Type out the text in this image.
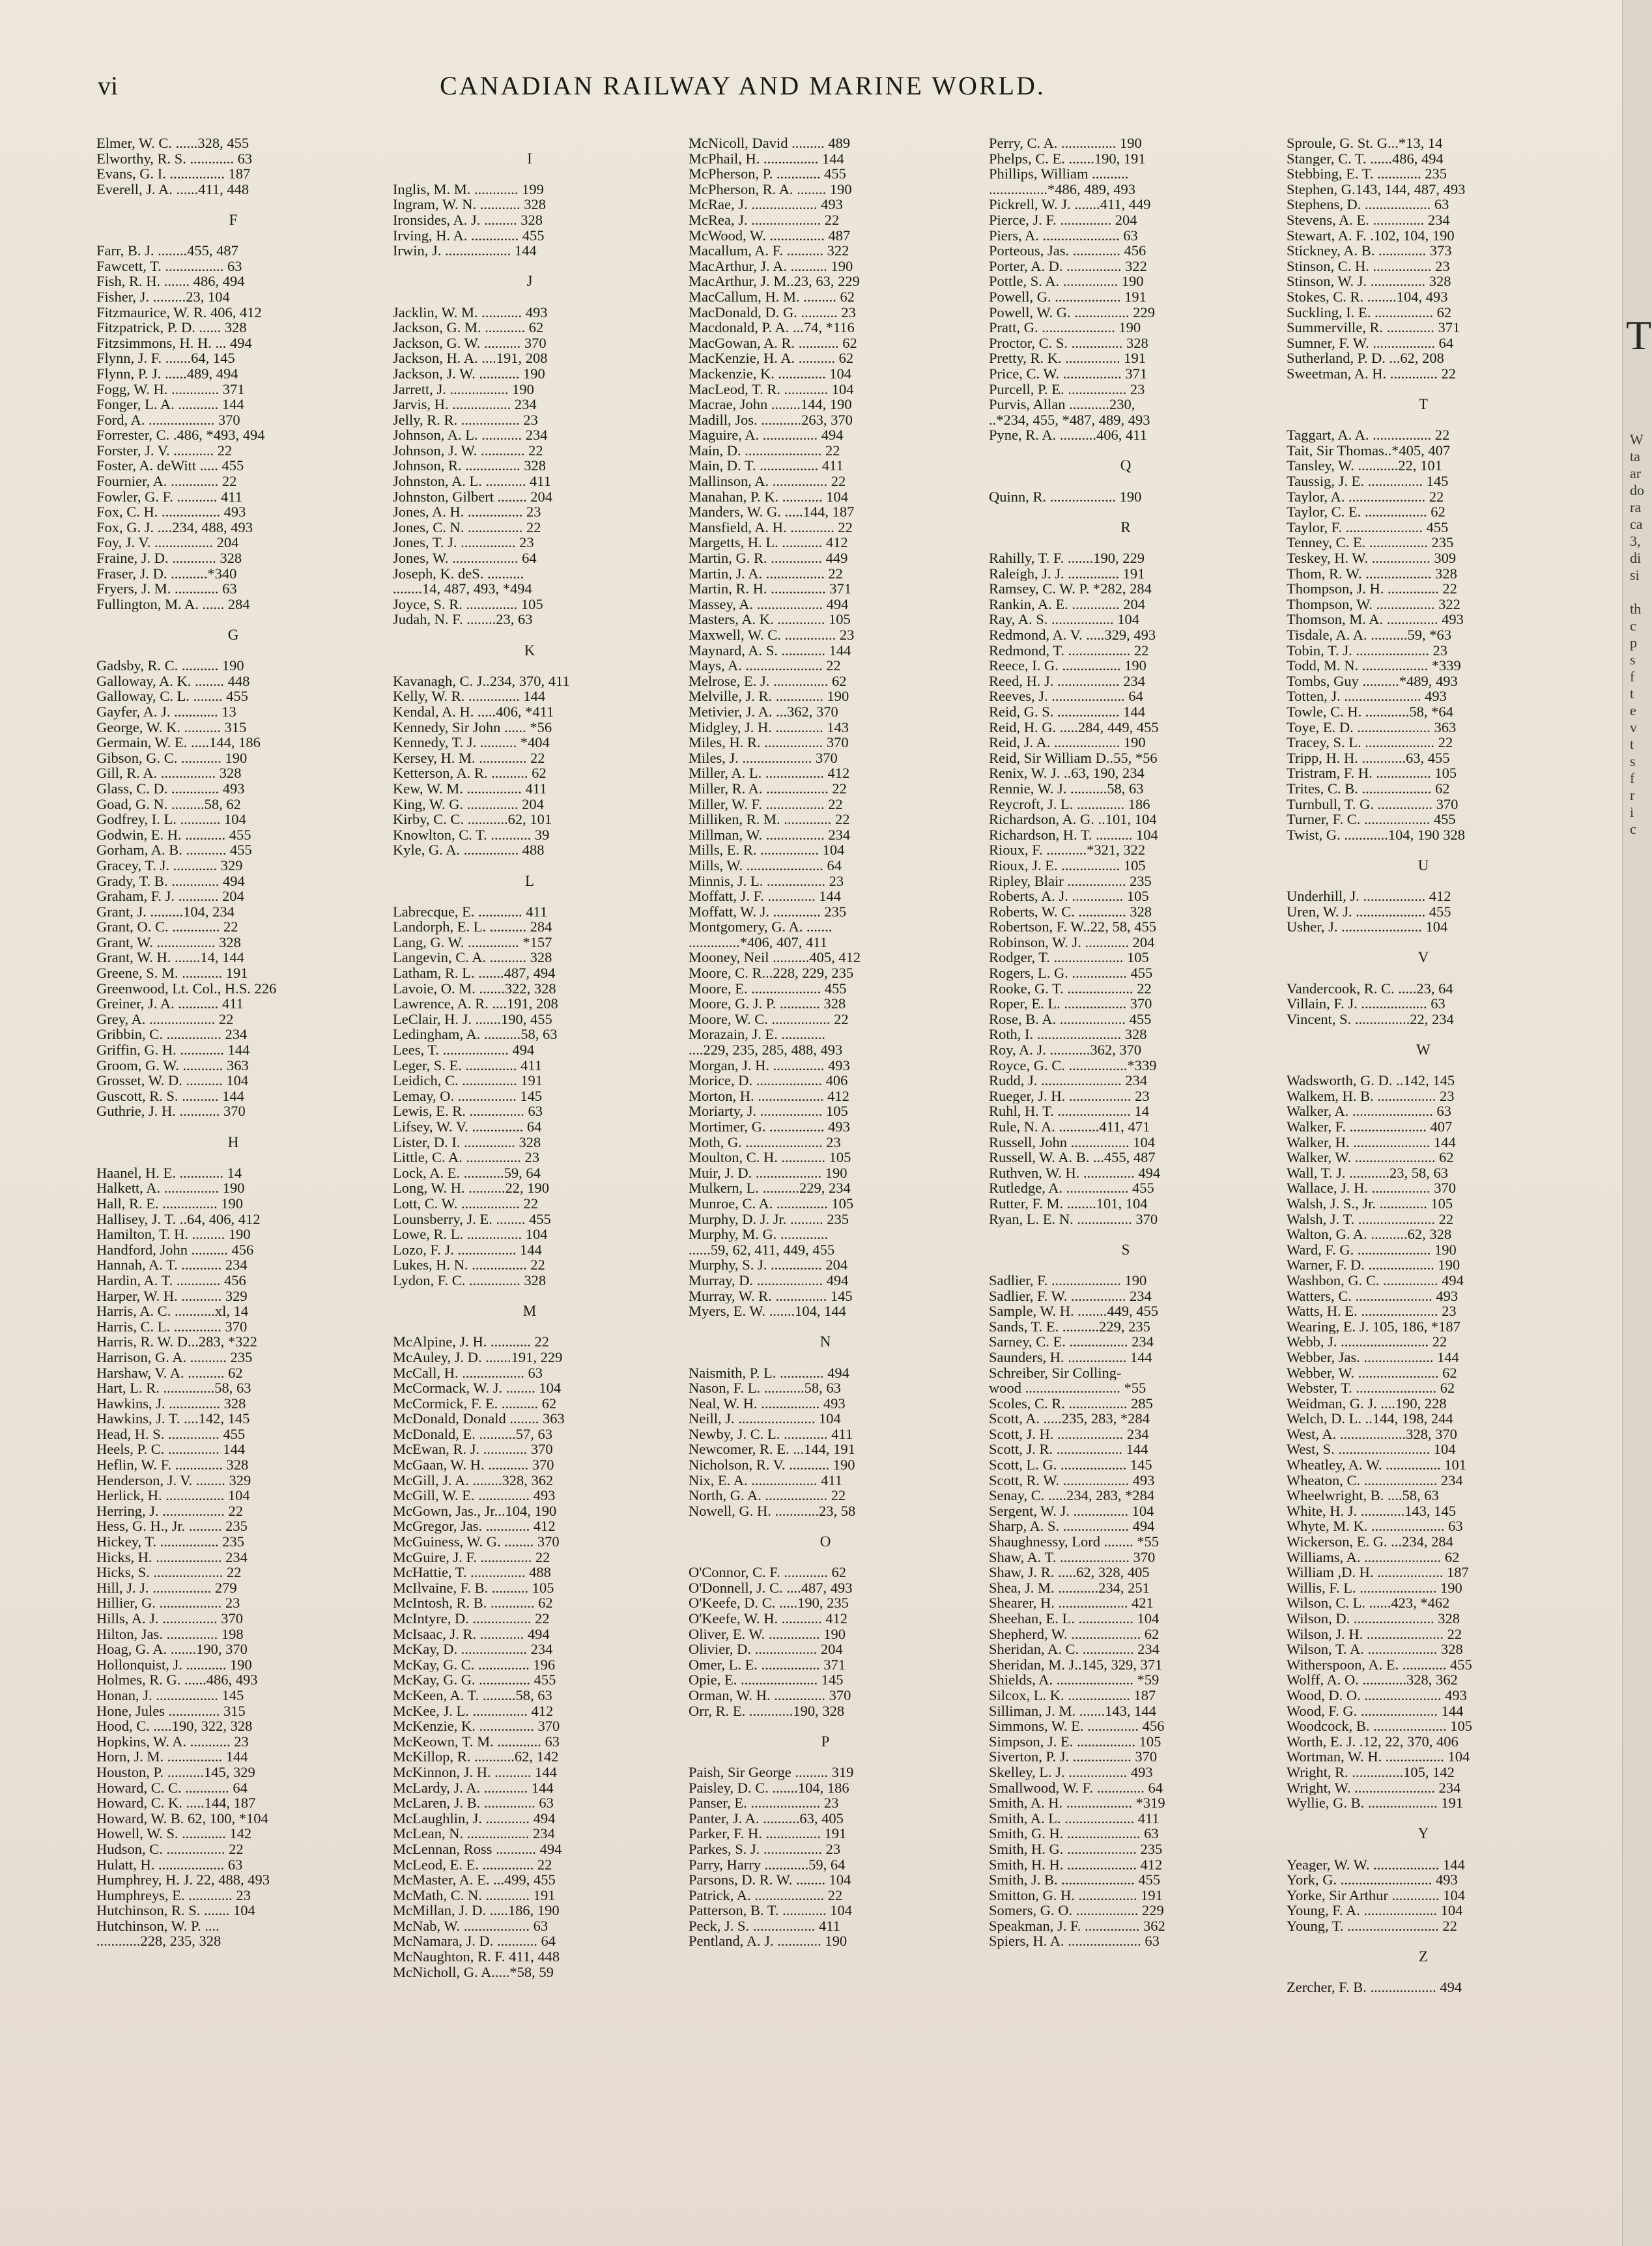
vi	CANADIAN RAILWAY AND MARINE WORLD.
Elmer, W. C. ......328, 455
Elworthy, R. S. ............ 63
Evans, G. I. ............... 187
Everell, J. A. ......411, 448
F
Farr, B. J. ........455, 487
Fawcett, T. ................ 63
Fish, R. H. ....... 486, 494
Fisher, J. .........23, 104
Fitzmaurice, W. R. 406, 412
Fitzpatrick, P. D. ...... 328
Fitzsimmons, H. H. ... 494
Flynn, J. F. .......64, 145
Flynn, P. J. ......489, 494
Fogg, W. H. ............. 371
Fonger, L. A. ........... 144
Ford, A. .................. 370
Forrester, C. .486, *493, 494
Forster, J. V. ........... 22
Foster, A. deWitt ..... 455
Fournier, A. ............. 22
Fowler, G. F. ........... 411
Fox, C. H. ................ 493
Fox, G. J. ....234, 488, 493
Foy, J. V. ................ 204
Fraine, J. D. ............ 328
Fraser, J. D. ..........*340
Fryers, J. M. ............ 63
Fullington, M. A. ...... 284
G
Gadsby, R. C. .......... 190
Galloway, A. K. ........ 448
Galloway, C. L. ........ 455
Gayfer, A. J. ............ 13
George, W. K. .......... 315
Germain, W. E. .....144, 186
Gibson, G. C. ........... 190
Gill, R. A. ............... 328
Glass, C. D. ............. 493
Goad, G. N. .........58, 62
Godfrey, I. L. ........... 104
Godwin, E. H. ........... 455
Gorham, A. B. ........... 455
Gracey, T. J. ............ 329
Grady, T. B. ............. 494
Graham, F. J. ........... 204
Grant, J. .........104, 234
Grant, O. C. ............. 22
Grant, W. ................ 328
Grant, W. H. .......14, 144
Greene, S. M. ........... 191
Greenwood, Lt. Col., H.S. 226
Greiner, J. A. ........... 411
Grey, A. .................. 22
Gribbin, C. ............... 234
Griffin, G. H. ............ 144
Groom, G. W. ........... 363
Grosset, W. D. .......... 104
Guscott, R. S. .......... 144
Guthrie, J. H. ........... 370
H
Haanel, H. E. ............ 14
Halkett, A. ............... 190
Hall, R. E. ............... 190
Hallisey, J. T. ..64, 406, 412
Hamilton, T. H. ......... 190
Handford, John .......... 456
Hannah, A. T. ........... 234
Hardin, A. T. ............ 456
Harper, W. H. ........... 329
Harris, A. C. ...........xl, 14
Harris, C. L. ............. 370
Harris, R. W. D...283, *322
Harrison, G. A. .......... 235
Harshaw, V. A. .......... 62
Hart, L. R. ..............58, 63
Hawkins, J. .............. 328
Hawkins, J. T. ....142, 145
Head, H. S. .............. 455
Heels, P. C. .............. 144
Heflin, W. F. ............. 328
Henderson, J. V. ........ 329
Herlick, H. ................ 104
Herring, J. ................. 22
Hess, G. H., Jr. ......... 235
Hickey, T. ................ 235
Hicks, H. .................. 234
Hicks, S. ................... 22
Hill, J. J. ................ 279
Hillier, G. ................. 23
Hills, A. J. ............... 370
Hilton, Jas. .............. 198
Hoag, G. A. .......190, 370
Hollonquist, J. ........... 190
Holmes, R. G. ......486, 493
Honan, J. ................. 145
Hone, Jules .............. 315
Hood, C. .....190, 322, 328
Hopkins, W. A. ........... 23
Horn, J. M. ............... 144
Houston, P. ..........145, 329
Howard, C. C. ............ 64
Howard, C. K. .....144, 187
Howard, W. B. 62, 100, *104
Howell, W. S. ............ 142
Hudson, C. ................ 22
Hulatt, H. .................. 63
Humphrey, H. J. 22, 488, 493
Humphreys, E. ............ 23
Hutchinson, R. S. ....... 104
Hutchinson, W. P. ....
............228, 235, 328
I
Inglis, M. M. ............ 199
Ingram, W. N. ........... 328
Ironsides, A. J. ......... 328
Irving, H. A. ............. 455
Irwin, J. .................. 144
J
Jacklin, W. M. ........... 493
Jackson, G. M. ........... 62
Jackson, G. W. .......... 370
Jackson, H. A. ....191, 208
Jackson, J. W. ........... 190
Jarrett, J. ................ 190
Jarvis, H. ................ 234
Jelly, R. R. ................ 23
Johnson, A. L. ........... 234
Johnson, J. W. ............ 22
Johnson, R. ............... 328
Johnston, A. L. ........... 411
Johnston, Gilbert ........ 204
Jones, A. H. ............... 23
Jones, C. N. ............... 22
Jones, T. J. ............... 23
Jones, W. .................. 64
Joseph, K. deS. ..........
........14, 487, 493, *494
Joyce, S. R. .............. 105
Judah, N. F. ........23, 63
K
Kavanagh, C. J..234, 370, 411
Kelly, W. R. .............. 144
Kendal, A. H. .....406, *411
Kennedy, Sir John ...... *56
Kennedy, T. J. .......... *404
Kersey, H. M. ............. 22
Ketterson, A. R. .......... 62
Kew, W. M. ............... 411
King, W. G. .............. 204
Kirby, C. C. ...........62, 101
Knowlton, C. T. ........... 39
Kyle, G. A. ............... 488
L
Labrecque, E. ............ 411
Landorph, E. L. .......... 284
Lang, G. W. .............. *157
Langevin, C. A. .......... 328
Latham, R. L. .......487, 494
Lavoie, O. M. .......322, 328
Lawrence, A. R. ....191, 208
LeClair, H. J. .......190, 455
Ledingham, A. ..........58, 63
Lees, T. .................. 494
Leger, S. E. .............. 411
Leidich, C. ............... 191
Lemay, O. ................ 145
Lewis, E. R. ............... 63
Lifsey, W. V. .............. 64
Lister, D. I. .............. 328
Little, C. A. ............... 23
Lock, A. E. ...........59, 64
Long, W. H. ..........22, 190
Lott, C. W. ................ 22
Lounsberry, J. E. ........ 455
Lowe, R. L. ............... 104
Lozo, F. J. ................ 144
Lukes, H. N. ............... 22
Lydon, F. C. .............. 328
M
McAlpine, J. H. ........... 22
McAuley, J. D. .......191, 229
McCall, H. ................. 63
McCormack, W. J. ........ 104
McCormick, F. E. .......... 62
McDonald, Donald ........ 363
McDonald, E. ..........57, 63
McEwan, R. J. ............ 370
McGaan, W. H. ........... 370
McGill, J. A. ........328, 362
McGill, W. E. .............. 493
McGown, Jas., Jr...104, 190
McGregor, Jas. ............ 412
McGuiness, W. G. ........ 370
McGuire, J. F. .............. 22
McHattie, T. ............... 488
McIlvaine, F. B. .......... 105
McIntosh, R. B. ............ 62
McIntyre, D. ................ 22
McIsaac, J. R. ............ 494
McKay, D. .................. 234
McKay, G. C. .............. 196
McKay, G. G. .............. 455
McKeen, A. T. .........58, 63
McKee, J. L. ............... 412
McKenzie, K. ............... 370
McKeown, T. M. ............ 63
McKillop, R. ...........62, 142
McKinnon, J. H. .......... 144
McLardy, J. A. ............ 144
McLaren, J. B. .............. 63
McLaughlin, J. ............ 494
McLean, N. ................. 234
McLennan, Ross ........... 494
McLeod, E. E. .............. 22
McMaster, A. E. ...499, 455
McMath, C. N. ............ 191
McMillan, J. D. .....186, 190
McNab, W. .................. 63
McNamara, J. D. ........... 64
McNaughton, R. F. 411, 448
McNicholl, G. A.....*58, 59
McNicoll, David ......... 489
McPhail, H. ............... 144
McPherson, P. ............ 455
McPherson, R. A. ........ 190
McRae, J. .................. 493
McRea, J. ................... 22
McWood, W. ............... 487
Macallum, A. F. .......... 322
MacArthur, J. A. .......... 190
MacArthur, J. M..23, 63, 229
MacCallum, H. M. ......... 62
MacDonald, D. G. .......... 23
Macdonald, P. A. ...74, *116
MacGowan, A. R. ........... 62
MacKenzie, H. A. .......... 62
Mackenzie, K. ............. 104
MacLeod, T. R. ............ 104
Macrae, John ........144, 190
Madill, Jos. ...........263, 370
Maguire, A. ............... 494
Main, D. ..................... 22
Main, D. T. ................ 411
Mallinson, A. ............... 22
Manahan, P. K. ........... 104
Manders, W. G. .....144, 187
Mansfield, A. H. ............ 22
Margetts, H. L. ........... 412
Martin, G. R. .............. 449
Martin, J. A. ................ 22
Martin, R. H. ............... 371
Massey, A. .................. 494
Masters, A. K. ............. 105
Maxwell, W. C. .............. 23
Maynard, A. S. ............ 144
Mays, A. ..................... 22
Melrose, E. J. ............... 62
Melville, J. R. ............. 190
Metivier, J. A. ...362, 370
Midgley, J. H. ............. 143
Miles, H. R. ................ 370
Miles, J. ................... 370
Miller, A. L. ................ 412
Miller, R. A. ................. 22
Miller, W. F. ................ 22
Milliken, R. M. ............. 22
Millman, W. ................ 234
Mills, E. R. ................ 104
Mills, W. ..................... 64
Minnis, J. L. ................ 23
Moffatt, J. F. ............. 144
Moffatt, W. J. ............. 235
Montgomery, G. A. .......
..............*406, 407, 411
Mooney, Neil ..........405, 412
Moore, C. R...228, 229, 235
Moore, E. ................... 455
Moore, G. J. P. ........... 328
Moore, W. C. ................ 22
Morazain, J. E. ............
....229, 235, 285, 488, 493
Morgan, J. H. .............. 493
Morice, D. .................. 406
Morton, H. .................. 412
Moriarty, J. ................. 105
Mortimer, G. ............... 493
Moth, G. ..................... 23
Moulton, C. H. ............ 105
Muir, J. D. .................. 190
Mulkern, L. ..........229, 234
Munroe, C. A. .............. 105
Murphy, D. J. Jr. ......... 235
Murphy, M. G. .............
......59, 62, 411, 449, 455
Murphy, S. J. .............. 204
Murray, D. .................. 494
Murray, W. R. .............. 145
Myers, E. W. .......104, 144
N
Naismith, P. L. ............ 494
Nason, F. L. ...........58, 63
Neal, W. H. ................ 493
Neill, J. ..................... 104
Newby, J. C. L. ............ 411
Newcomer, R. E. ...144, 191
Nicholson, R. V. ........... 190
Nix, E. A. .................. 411
North, G. A. ................. 22
Nowell, G. H. ............23, 58
O
O'Connor, C. F. ............ 62
O'Donnell, J. C. ....487, 493
O'Keefe, D. C. .....190, 235
O'Keefe, W. H. ........... 412
Oliver, E. W. .............. 190
Olivier, D. ................. 204
Omer, L. E. ................ 371
Opie, E. ..................... 145
Orman, W. H. .............. 370
Orr, R. E. ............190, 328
P
Paish, Sir George ......... 319
Paisley, D. C. .......104, 186
Panser, E. ................... 23
Panter, J. A. ..........63, 405
Parker, F. H. ............... 191
Parkes, S. J. ................ 23
Parry, Harry ............59, 64
Parsons, D. R. W. ........ 104
Patrick, A. ................... 22
Patterson, B. T. ............ 104
Peck, J. S. ................. 411
Pentland, A. J. ............ 190
Perry, C. A. ............... 190
Phelps, C. E. .......190, 191
Phillips, William ..........
................*486, 489, 493
Pickrell, W. J. .......411, 449
Pierce, J. F. .............. 204
Piers, A. ..................... 63
Porteous, Jas. ............. 456
Porter, A. D. ............... 322
Pottle, S. A. ............... 190
Powell, G. .................. 191
Powell, W. G. ............... 229
Pratt, G. .................... 190
Proctor, C. S. .............. 328
Pretty, R. K. ............... 191
Price, C. W. ................ 371
Purcell, P. E. ................ 23
Purvis, Allan ...........230,
..*234, 455, *487, 489, 493
Pyne, R. A. ..........406, 411
Q
Quinn, R. .................. 190
R
Rahilly, T. F. .......190, 229
Raleigh, J. J. .............. 191
Ramsey, C. W. P. *282, 284
Rankin, A. E. ............. 204
Ray, A. S. ................. 104
Redmond, A. V. .....329, 493
Redmond, T. ................. 22
Reece, I. G. ................ 190
Reed, H. J. ................. 234
Reeves, J. .................... 64
Reid, G. S. ................. 144
Reid, H. G. .....284, 449, 455
Reid, J. A. .................. 190
Reid, Sir William D..55, *56
Renix, W. J. ..63, 190, 234
Rennie, W. J. ..........58, 63
Reycroft, J. L. ............. 186
Richardson, A. G. ..101, 104
Richardson, H. T. .......... 104
Rioux, F. ...........*321, 322
Rioux, J. E. ................ 105
Ripley, Blair ................ 235
Roberts, A. J. .............. 105
Roberts, W. C. ............. 328
Robertson, F. W..22, 58, 455
Robinson, W. J. ............ 204
Rodger, T. ................... 105
Rogers, L. G. ............... 455
Rooke, G. T. .................. 22
Roper, E. L. ................. 370
Rose, B. A. .................. 455
Roth, I. ....................... 328
Roy, A. J. ...........362, 370
Royce, G. C. ................*339
Rudd, J. ...................... 234
Rueger, J. H. ................. 23
Ruhl, H. T. .................... 14
Rule, N. A. ...........411, 471
Russell, John ................ 104
Russell, W. A. B. ...455, 487
Ruthven, W. H. .............. 494
Rutledge, A. ................. 455
Rutter, F. M. ........101, 104
Ryan, L. E. N. ............... 370
S
Sadlier, F. ................... 190
Sadlier, F. W. ............... 234
Sample, W. H. ........449, 455
Sands, T. E. ..........229, 235
Sarney, C. E. ................ 234
Saunders, H. ................ 144
Schreiber, Sir Colling-
wood .......................... *55
Scoles, C. R. ................ 285
Scott, A. .....235, 283, *284
Scott, J. H. .................. 234
Scott, J. R. .................. 144
Scott, L. G. .................. 145
Scott, R. W. .................. 493
Senay, C. .....234, 283, *284
Sergent, W. J. ............... 104
Sharp, A. S. .................. 494
Shaughnessy, Lord ........ *55
Shaw, A. T. ................... 370
Shaw, J. R. .....62, 328, 405
Shea, J. M. ...........234, 251
Shearer, H. ................... 421
Sheehan, E. L. ............... 104
Shepherd, W. ................... 62
Sheridan, A. C. .............. 234
Sheridan, M. J..145, 329, 371
Shields, A. ..................... *59
Silcox, L. K. ................. 187
Silliman, J. M. .......143, 144
Simmons, W. E. .............. 456
Simpson, J. E. ................ 105
Siverton, P. J. ................ 370
Skelley, L. J. ................ 493
Smallwood, W. F. ............. 64
Smith, A. H. .................. *319
Smith, A. L. ................... 411
Smith, G. H. .................... 63
Smith, H. G. ................... 235
Smith, H. H. ................... 412
Smith, J. B. .................... 455
Smitton, G. H. ................ 191
Somers, G. O. ................. 229
Speakman, J. F. ............... 362
Spiers, H. A. .................... 63
Sproule, G. St. G...*13, 14
Stanger, C. T. ......486, 494
Stebbing, E. T. ............ 235
Stephen, G.143, 144, 487, 493
Stephens, D. .................. 63
Stevens, A. E. .............. 234
Stewart, A. F. .102, 104, 190
Stickney, A. B. ............. 373
Stinson, C. H. ................ 23
Stinson, W. J. ............... 328
Stokes, C. R. ........104, 493
Suckling, I. E. ................ 62
Summerville, R. ............. 371
Sumner, F. W. ................. 64
Sutherland, P. D. ...62, 208
Sweetman, A. H. ............. 22
T
Taggart, A. A. ................ 22
Tait, Sir Thomas..*405, 407
Tansley, W. ...........22, 101
Taussig, J. E. ............... 145
Taylor, A. ..................... 22
Taylor, C. E. ................. 62
Taylor, F. ..................... 455
Tenney, C. E. ................ 235
Teskey, H. W. ................ 309
Thom, R. W. .................. 328
Thompson, J. H. .............. 22
Thompson, W. ................ 322
Thomson, M. A. .............. 493
Tisdale, A. A. ..........59, *63
Tobin, T. J. .................... 23
Todd, M. N. .................. *339
Tombs, Guy ..........*489, 493
Totten, J. ..................... 493
Towle, C. H. ............58, *64
Toye, E. D. .................... 363
Tracey, S. L. ................... 22
Tripp, H. H. ............63, 455
Tristram, F. H. ............... 105
Trites, C. B. ................... 62
Turnbull, T. G. ............... 370
Turner, F. C. .................. 455
Twist, G. ............104, 190 328
U
Underhill, J. ................. 412
Uren, W. J. ................... 455
Usher, J. ...................... 104
V
Vandercook, R. C. .....23, 64
Villain, F. J. .................. 63
Vincent, S. ...............22, 234
W
Wadsworth, G. D. ..142, 145
Walkem, H. B. ................ 23
Walker, A. ...................... 63
Walker, F. ..................... 407
Walker, H. ..................... 144
Walker, W. ...................... 62
Wall, T. J. ...........23, 58, 63
Wallace, J. H. ................ 370
Walsh, J. S., Jr. ............. 105
Walsh, J. T. ..................... 22
Walton, G. A. ..........62, 328
Ward, F. G. .................... 190
Warner, F. D. .................. 190
Washbon, G. C. ............... 494
Watters, C. ..................... 493
Watts, H. E. ..................... 23
Wearing, E. J. 105, 186, *187
Webb, J. ........................ 22
Webber, Jas. ................... 144
Webber, W. ...................... 62
Webster, T. ...................... 62
Weidman, G. J. ....190, 228
Welch, D. L. ..144, 198, 244
West, A. ..................328, 370
West, S. ......................... 104
Wheatley, A. W. ............... 101
Wheaton, C. .................... 234
Wheelwright, B. ....58, 63
White, H. J. ............143, 145
Whyte, M. K. .................... 63
Wickerson, E. G. ...234, 284
Williams, A. ..................... 62
William ,D. H. .................. 187
Willis, F. L. ..................... 190
Wilson, C. L. ......423, *462
Wilson, D. ...................... 328
Wilson, J. H. ..................... 22
Wilson, T. A. ................... 328
Witherspoon, A. E. ............ 455
Wolff, A. O. ............328, 362
Wood, D. O. ..................... 493
Wood, F. G. ..................... 144
Woodcock, B. .................... 105
Worth, E. J. .12, 22, 370, 406
Wortman, W. H. ................ 104
Wright, R. ..............105, 142
Wright, W. ...................... 234
Wyllie, G. B. ................... 191
Y
Yeager, W. W. .................. 144
York, G. ......................... 493
Yorke, Sir Arthur ............. 104
Young, F. A. .................... 104
Young, T. ......................... 22
Z
Zercher, F. B. .................. 494
T
W
ta
ar
do
ra
ca
3,
di
si

th
c
p
s
f
t
e
v
t
s
f
r
i
c
